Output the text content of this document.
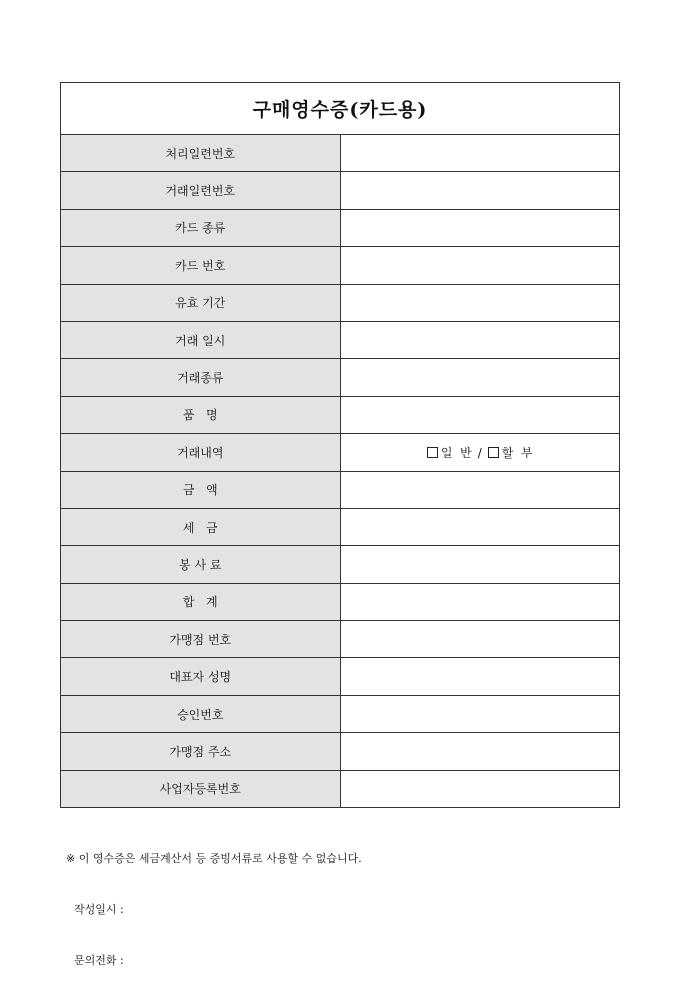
구매영수증(카드용)	
처리일련번호	
거래일련번호	
카드 종류	
카드 번호	
유효 기간	
거래 일시	
거래종류	
품   명	
거래내역	일  반 / 할  부
금   액	
세   금	
봉 사 료	
합   계	
가맹점 번호	
대표자 성명	
승인번호	
가맹점 주소	
사업자등록번호	

※ 이 영수증은 세금계산서 등 증빙서류로 사용할 수 없습니다.

작성일시 :

문의전화 :
